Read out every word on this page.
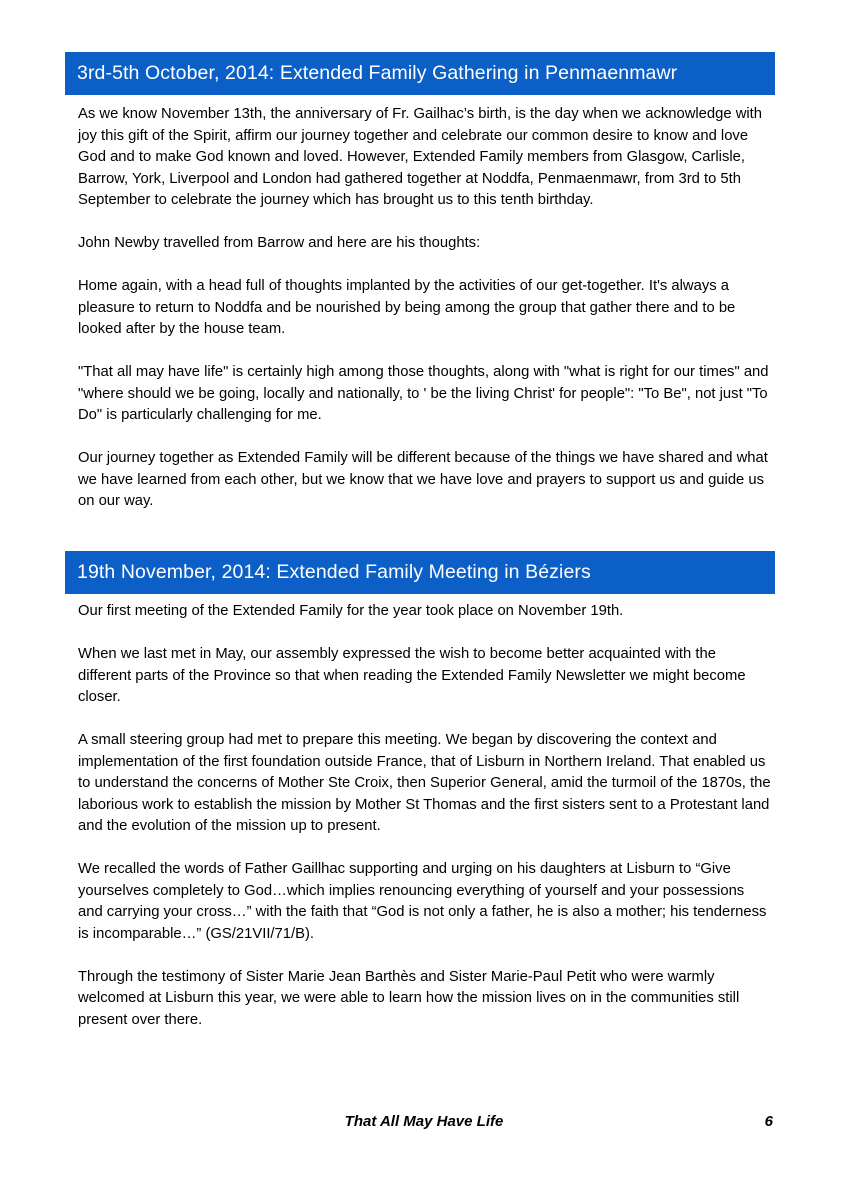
3rd-5th October, 2014: Extended Family Gathering in Penmaenmawr

As we know November 13th, the anniversary of Fr. Gailhac’s birth, is the day when we acknowledge with joy this gift of the Spirit, affirm our journey together and celebrate our common desire to know and love God and to make God known and loved. However, Extended Family members from Glasgow, Carlisle, Barrow, York, Liverpool and London had gathered together at Noddfa, Penmaenmawr, from 3rd to 5th September to celebrate the journey which has brought us to this tenth birthday.

John Newby travelled from Barrow and here are his thoughts:

Home again, with a head full of thoughts implanted by the activities of our get-together. It's always a pleasure to return to Noddfa and be nourished by being among the group that gather there and to be looked after by the house team.

"That all may have life" is certainly high among those thoughts, along with "what is right for our times" and "where should we be going, locally and nationally, to ' be the living Christ' for people": "To Be", not just "To Do" is particularly challenging for me.

Our journey together as Extended Family will be different because of the things we have shared and what we have learned from each other, but we know that we have love and prayers to support us and guide us on our way.

19th November, 2014: Extended Family Meeting in Béziers

Our first meeting of the Extended Family for the year took place on November 19th.

When we last met in May, our assembly expressed the wish to become better acquainted with the different parts of the Province so that when reading the Extended Family Newsletter we might become closer.

A small steering group had met to prepare this meeting. We began by discovering the context and implementation of the first foundation outside France, that of Lisburn in Northern Ireland. That enabled us to understand the concerns of Mother Ste Croix, then Superior General, amid the turmoil of the 1870s, the laborious work to establish the mission by Mother St Thomas and the first sisters sent to a Protestant land and the evolution of the mission up to present.

We recalled the words of Father Gaillhac supporting and urging on his daughters at Lisburn to “Give yourselves completely to God…which implies renouncing everything of yourself and your possessions and carrying your cross…” with the faith that “God is not only a father, he is also a mother; his tenderness is incomparable…” (GS/21VII/71/B).

Through the testimony of Sister Marie Jean Barthès and Sister Marie-Paul Petit who were warmly welcomed at Lisburn this year, we were able to learn how the mission lives on in the communities still present over there.

That All May Have Life	6
